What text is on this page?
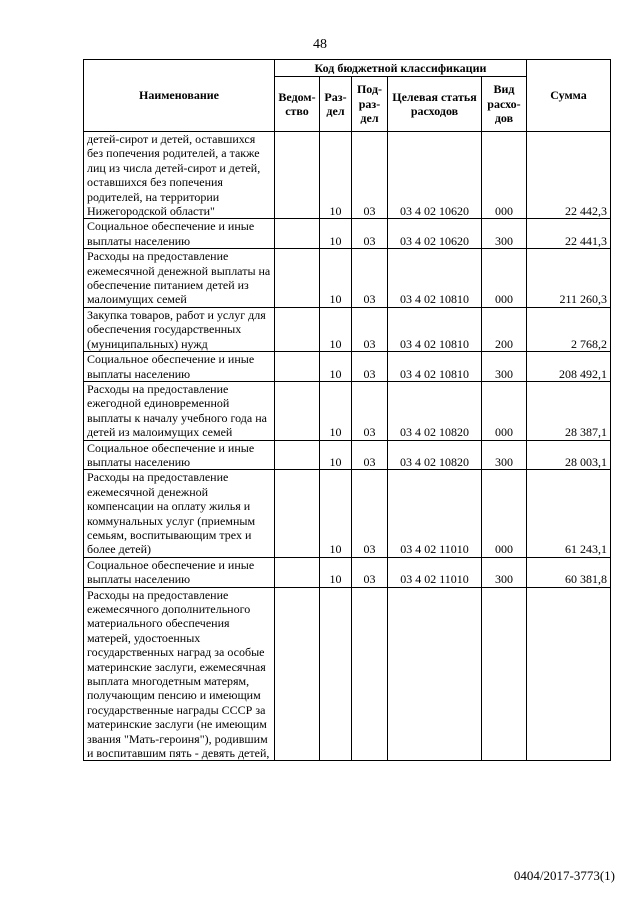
48
Наименование	Код бюджетной классификации					Сумма
	Ведом-ство	Раз-дел	Под-раз-дел	Целевая статья расходов	Вид расхо-дов	
детей-сирот и детей, оставшихся без попечения родителей, а также лиц из числа детей-сирот и детей, оставшихся без попечения родителей, на территории Нижегородской области"		10	03	03 4 02 10620	000	22 442,3
Социальное обеспечение и иные выплаты населению		10	03	03 4 02 10620	300	22 441,3
Расходы на предоставление ежемесячной денежной выплаты на обеспечение питанием детей из малоимущих семей		10	03	03 4 02 10810	000	211 260,3
Закупка товаров, работ и услуг для обеспечения государственных (муниципальных) нужд		10	03	03 4 02 10810	200	2 768,2
Социальное обеспечение и иные выплаты населению		10	03	03 4 02 10810	300	208 492,1
Расходы на предоставление ежегодной единовременной выплаты к началу учебного года на детей из малоимущих семей		10	03	03 4 02 10820	000	28 387,1
Социальное обеспечение и иные выплаты населению		10	03	03 4 02 10820	300	28 003,1
Расходы на предоставление ежемесячной денежной компенсации на оплату жилья и коммунальных услуг (приемным семьям, воспитывающим трех и более детей)		10	03	03 4 02 11010	000	61 243,1
Социальное обеспечение и иные выплаты населению		10	03	03 4 02 11010	300	60 381,8
Расходы на предоставление ежемесячного дополнительного материального обеспечения матерей, удостоенных государственных наград за особые материнские заслуги, ежемесячная выплата многодетным матерям, получающим пенсию и имеющим государственные награды СССР за материнские заслуги (не имеющим звания "Мать-героиня"), родившим и воспитавшим пять - девять детей,						
0404/2017-3773(1)
